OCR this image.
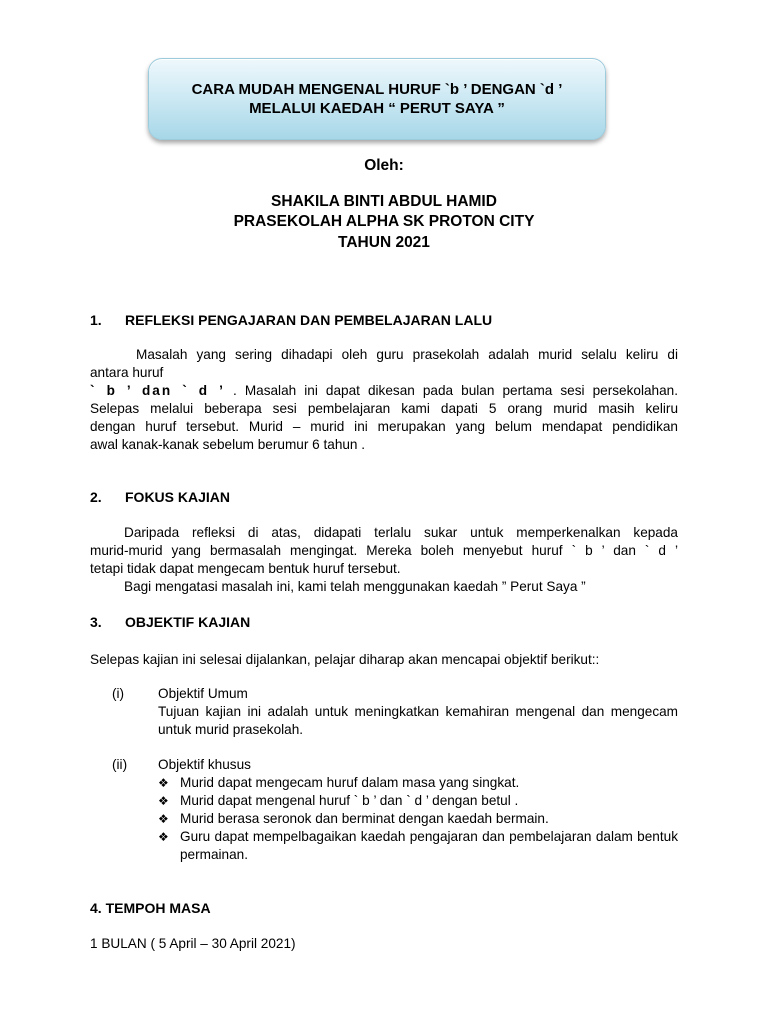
CARA MUDAH MENGENAL HURUF `b ’ DENGAN `d ’
MELALUI KAEDAH “ PERUT SAYA ”
Oleh:
SHAKILA BINTI ABDUL HAMID
PRASEKOLAH ALPHA SK PROTON CITY
TAHUN 2021
1. REFLEKSI PENGAJARAN DAN PEMBELAJARAN LALU
Masalah yang sering dihadapi oleh guru prasekolah adalah murid selalu keliru di
antara huruf
` b ’ dan ` d ’ . Masalah ini dapat dikesan pada bulan pertama sesi persekolahan.
Selepas melalui beberapa sesi pembelajaran kami dapati 5 orang murid masih keliru
dengan huruf tersebut. Murid – murid ini merupakan yang belum mendapat pendidikan
awal kanak-kanak sebelum berumur 6 tahun .
2. FOKUS KAJIAN
Daripada refleksi di atas, didapati terlalu sukar untuk memperkenalkan kepada
murid-murid yang bermasalah mengingat. Mereka boleh menyebut huruf ` b ’ dan ` d ’
tetapi tidak dapat mengecam bentuk huruf tersebut.
Bagi mengatasi masalah ini, kami telah menggunakan kaedah ” Perut Saya ”
3. OBJEKTIF KAJIAN
Selepas kajian ini selesai dijalankan, pelajar diharap akan mencapai objektif berikut::
(i) Objektif Umum
Tujuan kajian ini adalah untuk meningkatkan kemahiran mengenal dan mengecam untuk murid prasekolah.
(ii) Objektif khusus
❖ Murid dapat mengecam huruf dalam masa yang singkat.
❖ Murid dapat mengenal huruf ` b ’ dan ` d ’ dengan betul .
❖ Murid berasa seronok dan berminat dengan kaedah bermain.
❖ Guru dapat mempelbagaikan kaedah pengajaran dan pembelajaran dalam bentuk permainan.
4. TEMPOH MASA
1 BULAN ( 5 April – 30 April 2021)
